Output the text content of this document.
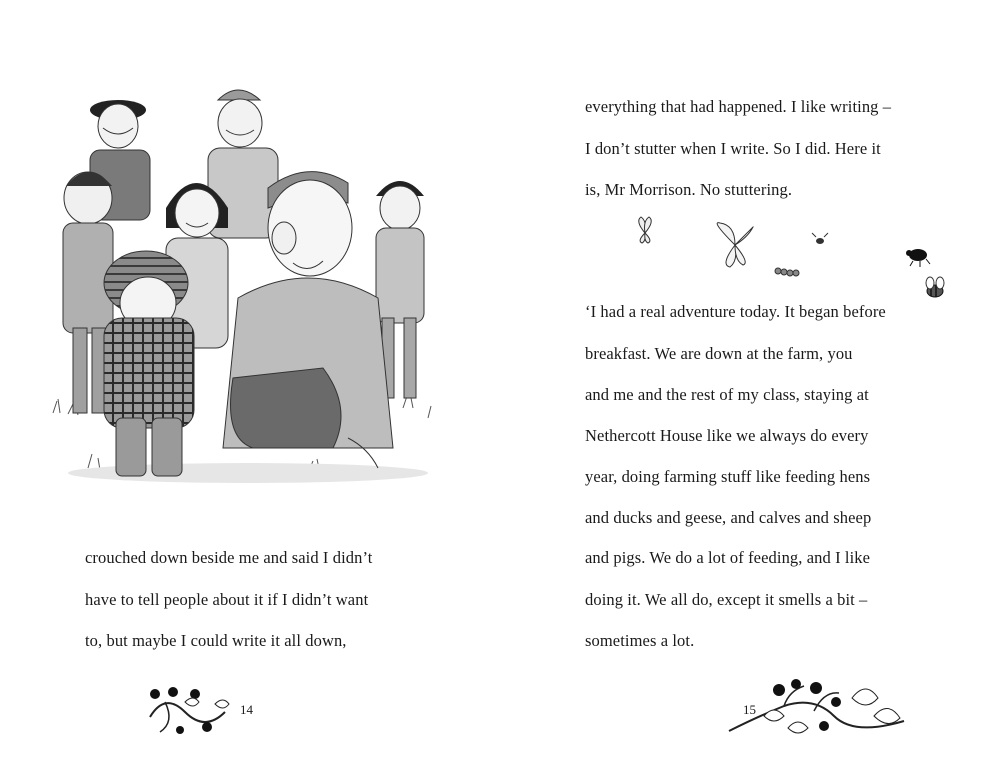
crouched down beside me and said I didn’t
have to tell people about it if I didn’t want
to, but maybe I could write it all down,
14
everything that had happened. I like writing –
I don’t stutter when I write. So I did. Here it
is, Mr Morrison. No stuttering.
‘I had a real adventure today. It began before
breakfast. We are down at the farm, you
and me and the rest of my class, staying at
Nethercott House like we always do every
year, doing farming stuff like feeding hens
and ducks and geese, and calves and sheep
and pigs. We do a lot of feeding, and I like
doing it. We all do, except it smells a bit –
sometimes a lot.
15
